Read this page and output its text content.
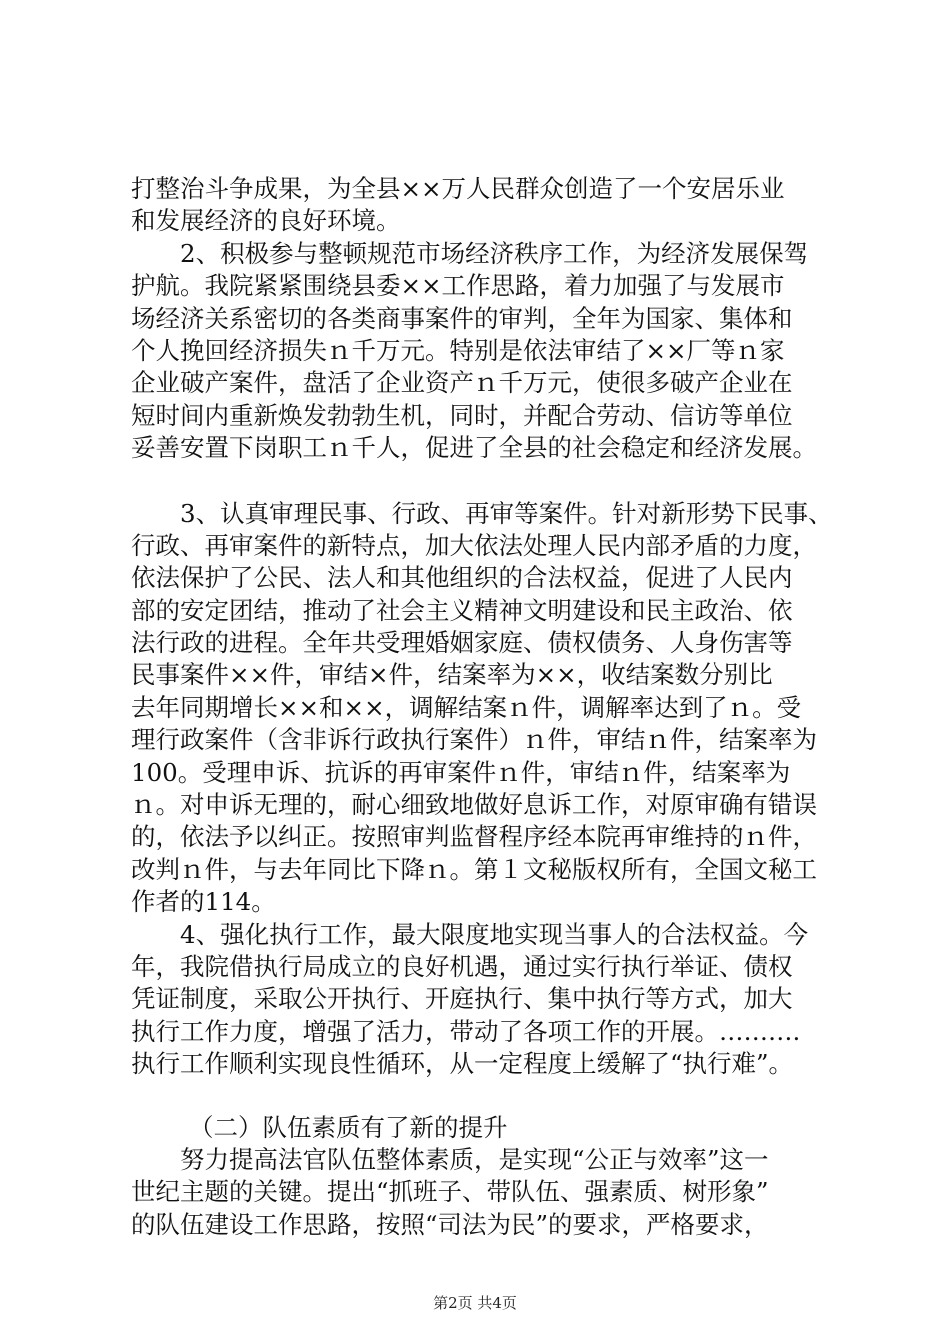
打整治斗争成果，为全县××万人民群众创造了一个安居乐业
和发展经济的良好环境。
2、积极参与整顿规范市场经济秩序工作，为经济发展保驾
护航。我院紧紧围绕县委××工作思路，着力加强了与发展市
场经济关系密切的各类商事案件的审判，全年为国家、集体和
个人挽回经济损失ｎ千万元。特别是依法审结了××厂等ｎ家
企业破产案件，盘活了企业资产ｎ千万元，使很多破产企业在
短时间内重新焕发勃勃生机，同时，并配合劳动、信访等单位
妥善安置下岗职工ｎ千人，促进了全县的社会稳定和经济发展。
3、认真审理民事、行政、再审等案件。针对新形势下民事、
行政、再审案件的新特点，加大依法处理人民内部矛盾的力度，
依法保护了公民、法人和其他组织的合法权益，促进了人民内
部的安定团结，推动了社会主义精神文明建设和民主政治、依
法行政的进程。全年共受理婚姻家庭、债权债务、人身伤害等
民事案件××件，审结×件，结案率为××，收结案数分别比
去年同期增长××和××，调解结案ｎ件，调解率达到了ｎ。受
理行政案件（含非诉行政执行案件）ｎ件，审结ｎ件，结案率为
100。受理申诉、抗诉的再审案件ｎ件，审结ｎ件，结案率为
ｎ。对申诉无理的，耐心细致地做好息诉工作，对原审确有错误
的，依法予以纠正。按照审判监督程序经本院再审维持的ｎ件，
改判ｎ件，与去年同比下降ｎ。第１文秘版权所有，全国文秘工
作者的114。
4、强化执行工作，最大限度地实现当事人的合法权益。今
年，我院借执行局成立的良好机遇，通过实行执行举证、债权
凭证制度，采取公开执行、开庭执行、集中执行等方式，加大
执行工作力度，增强了活力，带动了各项工作的开展。……….
执行工作顺利实现良性循环，从一定程度上缓解了“执行难”。
（二）队伍素质有了新的提升
努力提高法官队伍整体素质，是实现“公正与效率”这一
世纪主题的关键。提出“抓班子、带队伍、强素质、树形象”
的队伍建设工作思路，按照“司法为民”的要求，严格要求，
第2页 共4页
